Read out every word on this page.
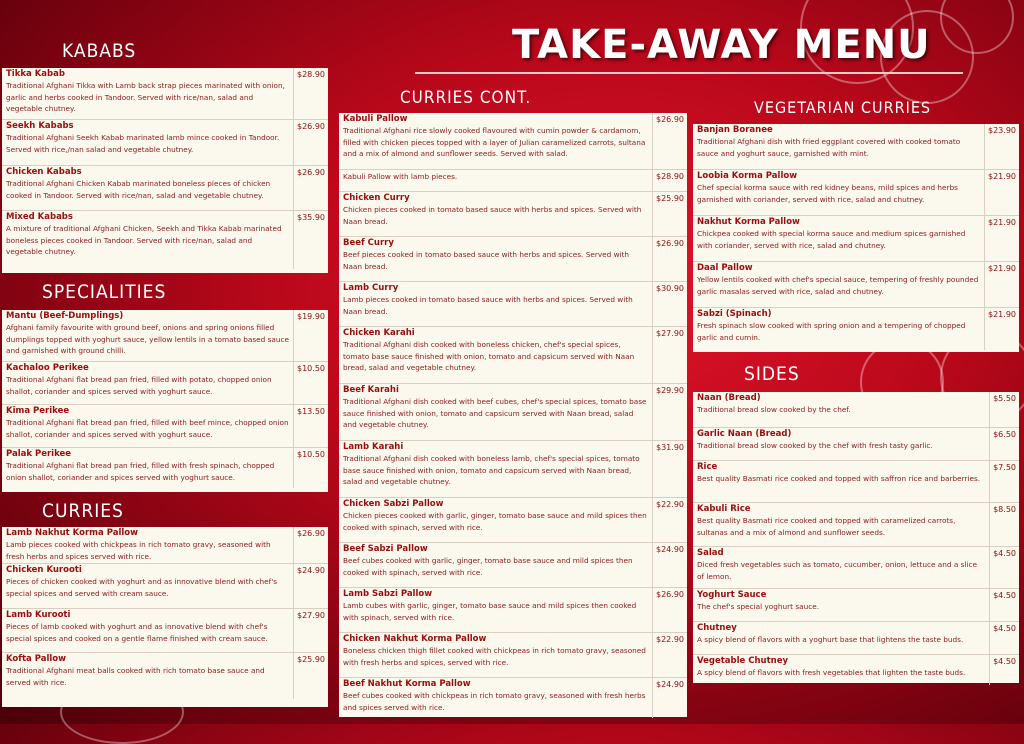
TAKE-AWAY MENU
KABABS
SPECIALITIES
CURRIES
CURRIES CONT.	VEGETARIAN CURRIES
SIDES
Tikka Kabab
Traditional Afghani Tikka with Lamb back strap pieces marinated with onion, garlic and herbs cooked in Tandoor. Served with rice/nan, salad and vegetable chutney.
$28.90
Seekh Kababs
Traditional Afghani Seekh Kabab marinated lamb mince cooked in Tandoor. Served with rice,/nan salad and vegetable chutney.
$26.90
Chicken Kababs
Traditional Afghani Chicken Kabab marinated boneless pieces of chicken cooked in Tandoor. Served with rice/nan, salad and vegetable chutney.
$26.90
Mixed Kababs
A mixture of traditional Afghani Chicken, Seekh and Tikka Kabab marinated boneless pieces cooked in Tandoor. Served with rice/nan, salad and vegetable chutney.
$35.90
Mantu (Beef-Dumplings)
Afghani family favourite with ground beef, onions and spring onions filled dumplings topped with yoghurt sauce, yellow lentils in a tomato based sauce and garnished with ground chilli.
$19.90
Kachaloo Perikee
Traditional Afghani flat bread pan fried, filled with potato, chopped onion shallot, coriander and spices served with yoghurt sauce.
$10.50
Kima Perikee
Traditional Afghani flat bread pan fried, filled with beef mince, chopped onion shallot, coriander and spices served with yoghurt sauce.
$13.50
Palak Perikee
Traditional Afghani flat bread pan fried, filled with fresh spinach, chopped onion shallot, coriander and spices served with yoghurt sauce.
$10.50
Lamb Nakhut Korma Pallow
Lamb pieces cooked with chickpeas in rich tomato gravy, seasoned with fresh herbs and spices served with rice.
$26.90
Chicken Kurooti
Pieces of chicken cooked with yoghurt and as innovative blend with chef's special spices and served with cream sauce.
$24.90
Lamb Kurooti
Pieces of lamb cooked with yoghurt and as innovative blend with chef's special spices and cooked on a gentle flame finished with cream sauce.
$27.90
Kofta Pallow
Traditional Afghani meat balls cooked with rich tomato base sauce and served with rice.
$25.90
Kabuli Pallow
Traditional Afghani rice slowly cooked flavoured with cumin powder & cardamom, filled with chicken pieces topped with a layer of Julian caramelized carrots, sultana and a mix of almond and sunflower seeds. Served with salad.
$26.90
Kabuli Pallow with lamb pieces.	$28.90
Chicken Curry
Chicken pieces cooked in tomato based sauce with herbs and spices. Served with Naan bread.
$25.90
Beef Curry
Beef pieces cooked in tomato based sauce with herbs and spices. Served with Naan bread.
$26.90
Lamb Curry
Lamb pieces cooked in tomato based sauce with herbs and spices. Served with Naan bread.
$30.90
Chicken Karahi
Traditional Afghani dish cooked with boneless chicken, chef's special spices, tomato base sauce finished with onion, tomato and capsicum served with Naan bread, salad and vegetable chutney.
$27.90
Beef Karahi
Traditional Afghani dish cooked with beef cubes, chef's special spices, tomato base sauce finished with onion, tomato and capsicum served with Naan bread, salad and vegetable chutney.
$29.90
Lamb Karahi
Traditional Afghani dish cooked with boneless lamb, chef's special spices, tomato base sauce finished with onion, tomato and capsicum served with Naan bread, salad and vegetable chutney.
$31.90
Chicken Sabzi Pallow
Chicken pieces cooked with garlic, ginger, tomato base sauce and mild spices then cooked with spinach, served with rice.
$22.90
Beef Sabzi Pallow
Beef cubes cooked with garlic, ginger, tomato base sauce and mild spices then cooked with spinach, served with rice.
$24.90
Lamb Sabzi Pallow
Lamb cubes with garlic, ginger, tomato base sauce and mild spices then cooked with spinach, served with rice.
$26.90
Chicken Nakhut Korma Pallow
Boneless chicken thigh fillet cooked with chickpeas in rich tomato gravy, seasoned with fresh herbs and spices, served with rice.
$22.90
Beef Nakhut Korma Pallow
Beef cubes cooked with chickpeas in rich tomato gravy, seasoned with fresh herbs and spices served with rice.
$24.90
Banjan Boranee
Traditional Afghani dish with fried eggplant covered with cooked tomato sauce and yoghurt sauce, garnished with mint.
$23.90
Loobia Korma Pallow
Chef special korma sauce with red kidney beans, mild spices and herbs garnished with coriander, served with rice, salad and chutney.
$21.90
Nakhut Korma Pallow
Chickpea cooked with special korma sauce and medium spices garnished with coriander, served with rice, salad and chutney.
$21.90
Daal Pallow
Yellow lentils cooked with chef's special sauce, tempering of freshly pounded garlic masalas served with rice, salad and chutney.
$21.90
Sabzi (Spinach)
Fresh spinach slow cooked with spring onion and a tempering of chopped garlic and cumin.
$21.90
Naan (Bread)
Traditional bread slow cooked by the chef.
$5.50
Garlic Naan (Bread)
Traditional bread slow cooked by the chef with fresh tasty garlic.
$6.50
Rice
Best quality Basmati rice cooked and topped with saffron rice and barberries.
$7.50
Kabuli Rice
Best quality Basmati rice cooked and topped with caramelized carrots, sultanas and a mix of almond and sunflower seeds.
$8.50
Salad
Diced fresh vegetables such as tomato, cucumber, onion, lettuce and a slice of lemon.
$4.50
Yoghurt Sauce
The chef's special yoghurt sauce.
$4.50
Chutney
A spicy blend of flavors with a yoghurt base that lightens the taste buds.
$4.50
Vegetable Chutney
A spicy blend of flavors with fresh vegetables that lighten the taste buds.
$4.50
